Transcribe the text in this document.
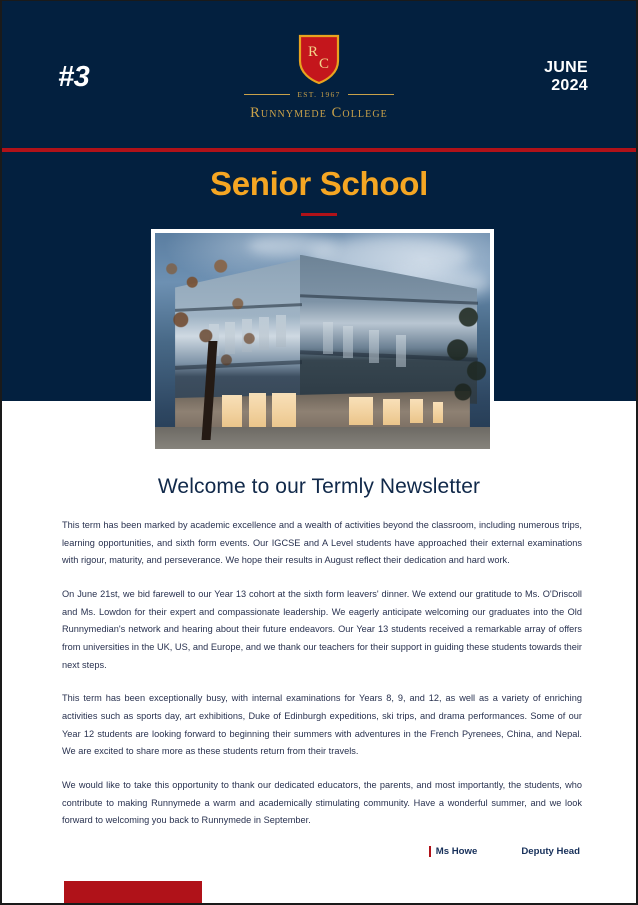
#3
R
C
EST. 1967
Runnymede College
JUNE
2024
Senior School
Welcome to our Termly Newsletter

This term has been marked by academic excellence and a wealth of activities beyond the classroom, including numerous trips, learning opportunities, and sixth form events. Our IGCSE and A Level students have approached their external examinations with rigour, maturity, and perseverance. We hope their results in August reflect their dedication and hard work.

On June 21st, we bid farewell to our Year 13 cohort at the sixth form leavers' dinner. We extend our gratitude to Ms. O'Driscoll and Ms. Lowdon for their expert and compassionate leadership. We eagerly anticipate welcoming our graduates into the Old Runnymedian's network and hearing about their future endeavors. Our Year 13 students received a remarkable array of offers from universities in the UK, US, and Europe, and we thank our teachers for their support in guiding these students towards their next steps.

This term has been exceptionally busy, with internal examinations for Years 8, 9, and 12, as well as a variety of enriching activities such as sports day, art exhibitions, Duke of Edinburgh expeditions, ski trips, and drama performances. Some of our Year 12 students are looking forward to beginning their summers with adventures in the French Pyrenees, China, and Nepal. We are excited to share more as these students return from their travels.

We would like to take this opportunity to thank our dedicated educators, the parents, and most importantly, the students, who contribute to making Runnymede a warm and academically stimulating community. Have a wonderful summer, and we look forward to welcoming you back to Runnymede in September.

Ms Howe	Deputy Head
